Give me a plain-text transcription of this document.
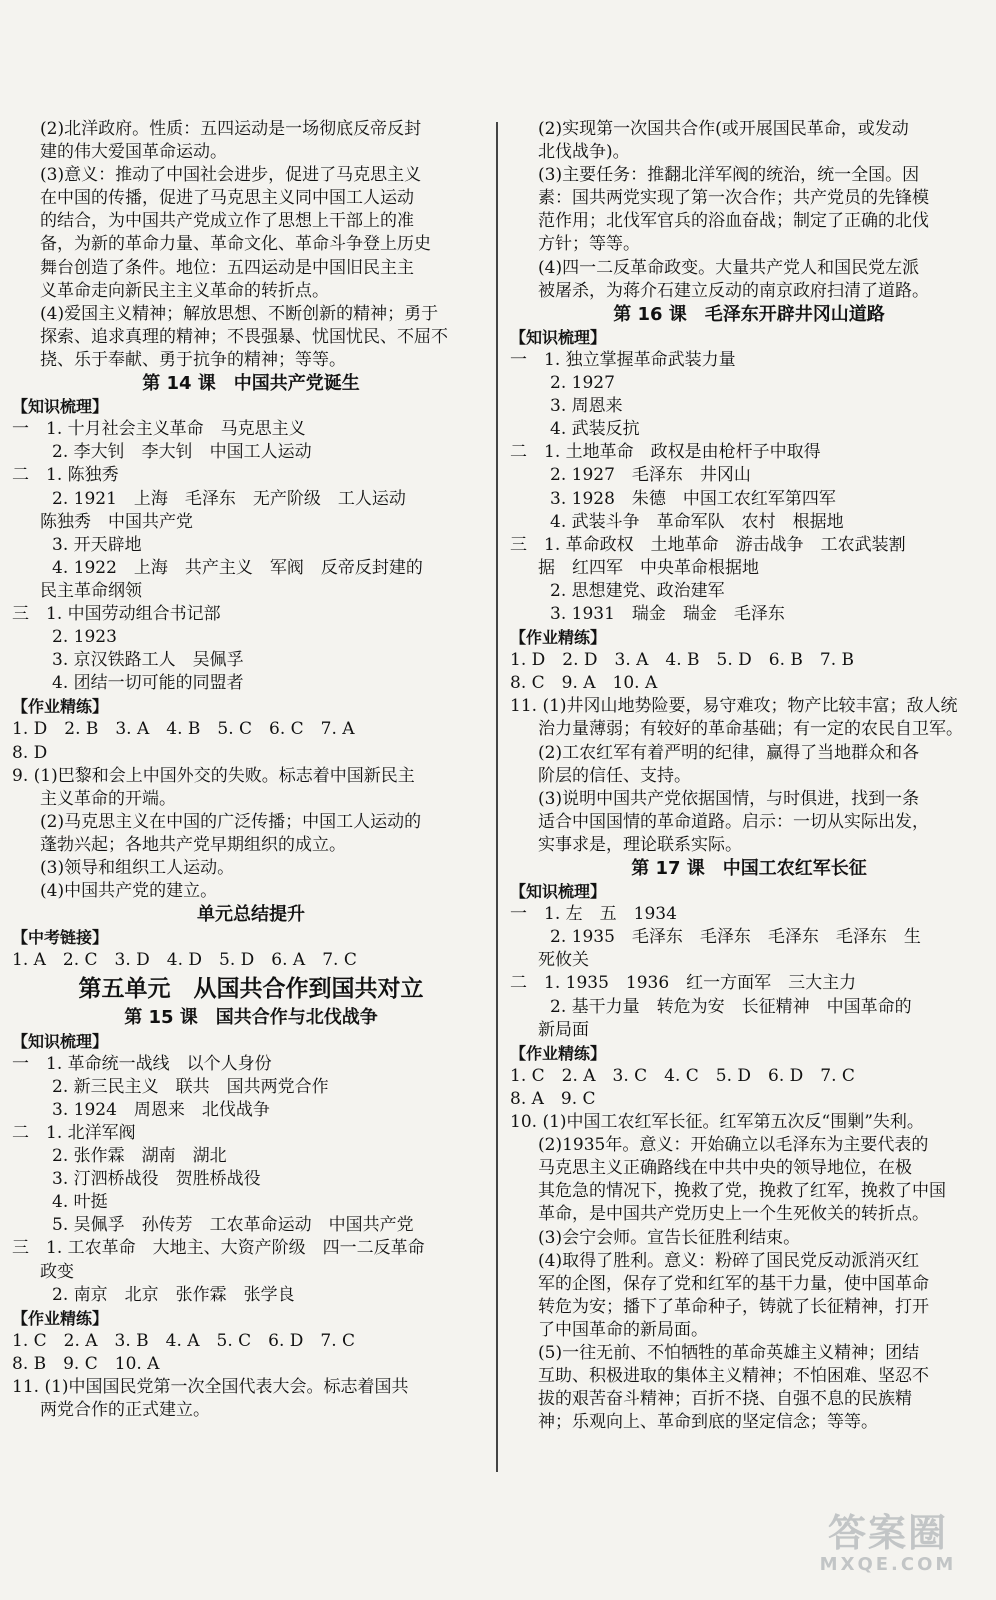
(2)北洋政府。性质：五四运动是一场彻底反帝反封
建的伟大爱国革命运动。
(3)意义：推动了中国社会进步，促进了马克思主义
在中国的传播，促进了马克思主义同中国工人运动
的结合，为中国共产党成立作了思想上干部上的准
备，为新的革命力量、革命文化、革命斗争登上历史
舞台创造了条件。地位：五四运动是中国旧民主主
义革命走向新民主主义革命的转折点。
(4)爱国主义精神；解放思想、不断创新的精神；勇于
探索、追求真理的精神；不畏强暴、忧国忧民、不屈不
挠、乐于奉献、勇于抗争的精神；等等。
第 14 课　中国共产党诞生
【知识梳理】
一　1. 十月社会主义革命　马克思主义
2. 李大钊　李大钊　中国工人运动
二　1. 陈独秀
2. 1921　上海　毛泽东　无产阶级　工人运动
陈独秀　中国共产党
3. 开天辟地
4. 1922　上海　共产主义　军阀　反帝反封建的
民主革命纲领
三　1. 中国劳动组合书记部
2. 1923
3. 京汉铁路工人　吴佩孚
4. 团结一切可能的同盟者
【作业精练】
1. D　2. B　3. A　4. B　5. C　6. C　7. A
8. D
9. (1)巴黎和会上中国外交的失败。标志着中国新民主
主义革命的开端。
(2)马克思主义在中国的广泛传播；中国工人运动的
蓬勃兴起；各地共产党早期组织的成立。
(3)领导和组织工人运动。
(4)中国共产党的建立。
单元总结提升
【中考链接】
1. A　2. C　3. D　4. D　5. D　6. A　7. C
第五单元　从国共合作到国共对立
第 15 课　国共合作与北伐战争
【知识梳理】
一　1. 革命统一战线　以个人身份
2. 新三民主义　联共　国共两党合作
3. 1924　周恩来　北伐战争
二　1. 北洋军阀
2. 张作霖　湖南　湖北
3. 汀泗桥战役　贺胜桥战役
4. 叶挺
5. 吴佩孚　孙传芳　工农革命运动　中国共产党
三　1. 工农革命　大地主、大资产阶级　四一二反革命
政变
2. 南京　北京　张作霖　张学良
【作业精练】
1. C　2. A　3. B　4. A　5. C　6. D　7. C
8. B　9. C　10. A
11. (1)中国国民党第一次全国代表大会。标志着国共
两党合作的正式建立。
(2)实现第一次国共合作(或开展国民革命，或发动
北伐战争)。
(3)主要任务：推翻北洋军阀的统治，统一全国。因
素：国共两党实现了第一次合作；共产党员的先锋模
范作用；北伐军官兵的浴血奋战；制定了正确的北伐
方针；等等。
(4)四一二反革命政变。大量共产党人和国民党左派
被屠杀，为蒋介石建立反动的南京政府扫清了道路。
第 16 课　毛泽东开辟井冈山道路
【知识梳理】
一　1. 独立掌握革命武装力量
2. 1927
3. 周恩来
4. 武装反抗
二　1. 土地革命　政权是由枪杆子中取得
2. 1927　毛泽东　井冈山
3. 1928　朱德　中国工农红军第四军
4. 武装斗争　革命军队　农村　根据地
三　1. 革命政权　土地革命　游击战争　工农武装割
据　红四军　中央革命根据地
2. 思想建党、政治建军
3. 1931　瑞金　瑞金　毛泽东
【作业精练】
1. D　2. D　3. A　4. B　5. D　6. B　7. B
8. C　9. A　10. A
11. (1)井冈山地势险要，易守难攻；物产比较丰富；敌人统
治力量薄弱；有较好的革命基础；有一定的农民自卫军。
(2)工农红军有着严明的纪律，赢得了当地群众和各
阶层的信任、支持。
(3)说明中国共产党依据国情，与时俱进，找到一条
适合中国国情的革命道路。启示：一切从实际出发，
实事求是，理论联系实际。
第 17 课　中国工农红军长征
【知识梳理】
一　1. 左　五　1934
2. 1935　毛泽东　毛泽东　毛泽东　毛泽东　生
死攸关
二　1. 1935　1936　红一方面军　三大主力
2. 基干力量　转危为安　长征精神　中国革命的
新局面
【作业精练】
1. C　2. A　3. C　4. C　5. D　6. D　7. C
8. A　9. C
10. (1)中国工农红军长征。红军第五次反“围剿”失利。
(2)1935年。意义：开始确立以毛泽东为主要代表的
马克思主义正确路线在中共中央的领导地位，在极
其危急的情况下，挽救了党，挽救了红军，挽救了中国
革命，是中国共产党历史上一个生死攸关的转折点。
(3)会宁会师。宣告长征胜利结束。
(4)取得了胜利。意义：粉碎了国民党反动派消灭红
军的企图，保存了党和红军的基干力量，使中国革命
转危为安；播下了革命种子，铸就了长征精神，打开
了中国革命的新局面。
(5)一往无前、不怕牺牲的革命英雄主义精神；团结
互助、积极进取的集体主义精神；不怕困难、坚忍不
拔的艰苦奋斗精神；百折不挠、自强不息的民族精
神；乐观向上、革命到底的坚定信念；等等。
答案圈
MXQE.COM
